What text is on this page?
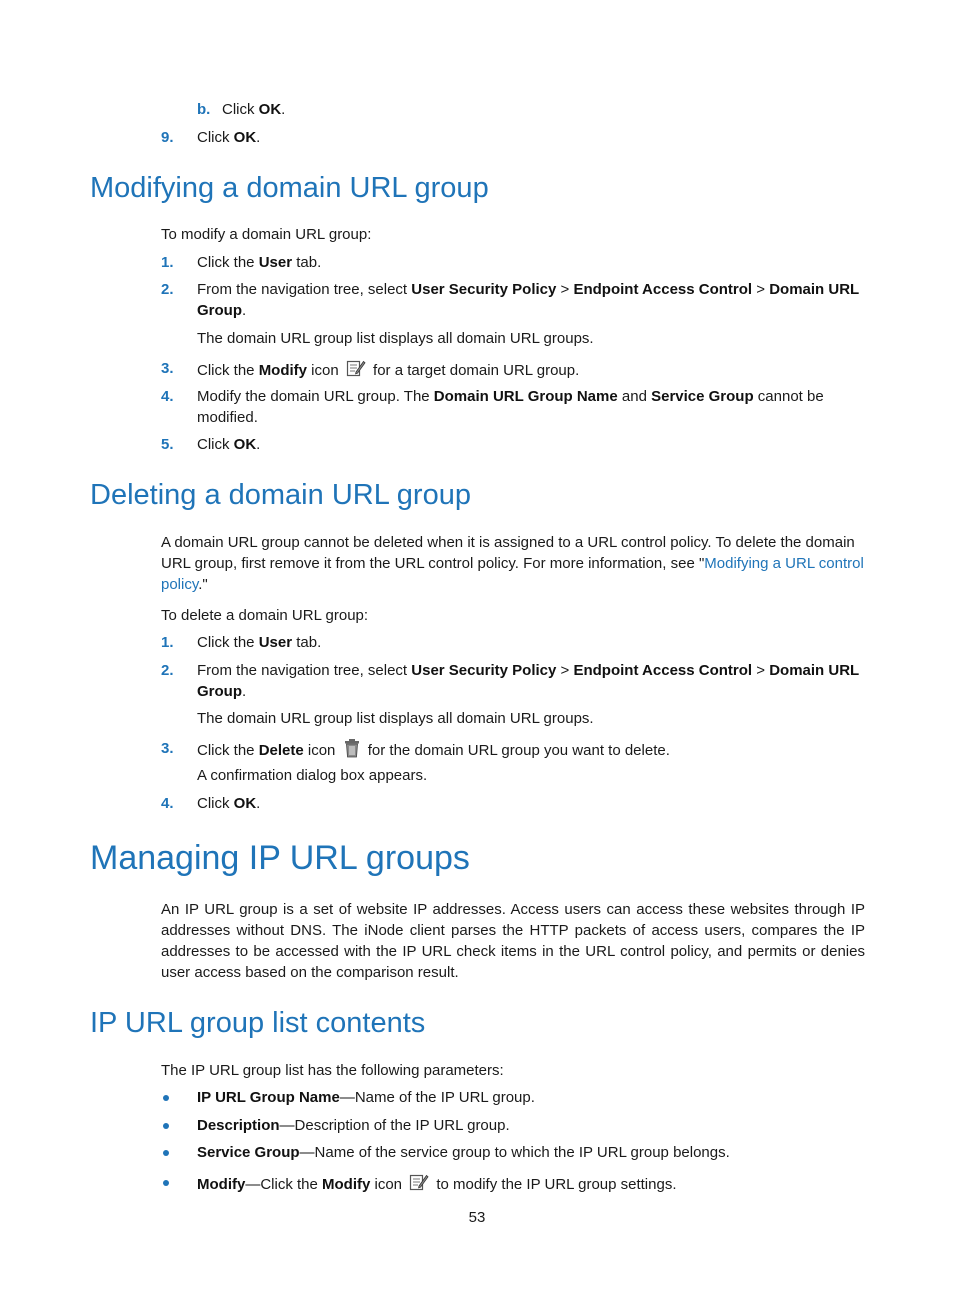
b. Click OK.
9. Click OK.
Modifying a domain URL group
To modify a domain URL group:
1. Click the User tab.
2. From the navigation tree, select User Security Policy > Endpoint Access Control > Domain URL
Group.
The domain URL group list displays all domain URL groups.
3. Click the Modify icon  for a target domain URL group.
4. Modify the domain URL group. The Domain URL Group Name and Service Group cannot be
modified.
5. Click OK.
Deleting a domain URL group
A domain URL group cannot be deleted when it is assigned to a URL control policy. To delete the domain
URL group, first remove it from the URL control policy. For more information, see "Modifying a URL control
policy."
To delete a domain URL group:
1. Click the User tab.
2. From the navigation tree, select User Security Policy > Endpoint Access Control > Domain URL
Group.
The domain URL group list displays all domain URL groups.
3. Click the Delete icon  for the domain URL group you want to delete.
A confirmation dialog box appears.
4. Click OK.
Managing IP URL groups
An IP URL group is a set of website IP addresses. Access users can access these websites through IP addresses without DNS. The iNode client parses the HTTP packets of access users, compares the IP addresses to be accessed with the IP URL check items in the URL control policy, and permits or denies user access based on the comparison result.
IP URL group list contents
The IP URL group list has the following parameters:
IP URL Group Name—Name of the IP URL group.
Description—Description of the IP URL group.
Service Group—Name of the service group to which the IP URL group belongs.
Modify—Click the Modify icon  to modify the IP URL group settings.
53
